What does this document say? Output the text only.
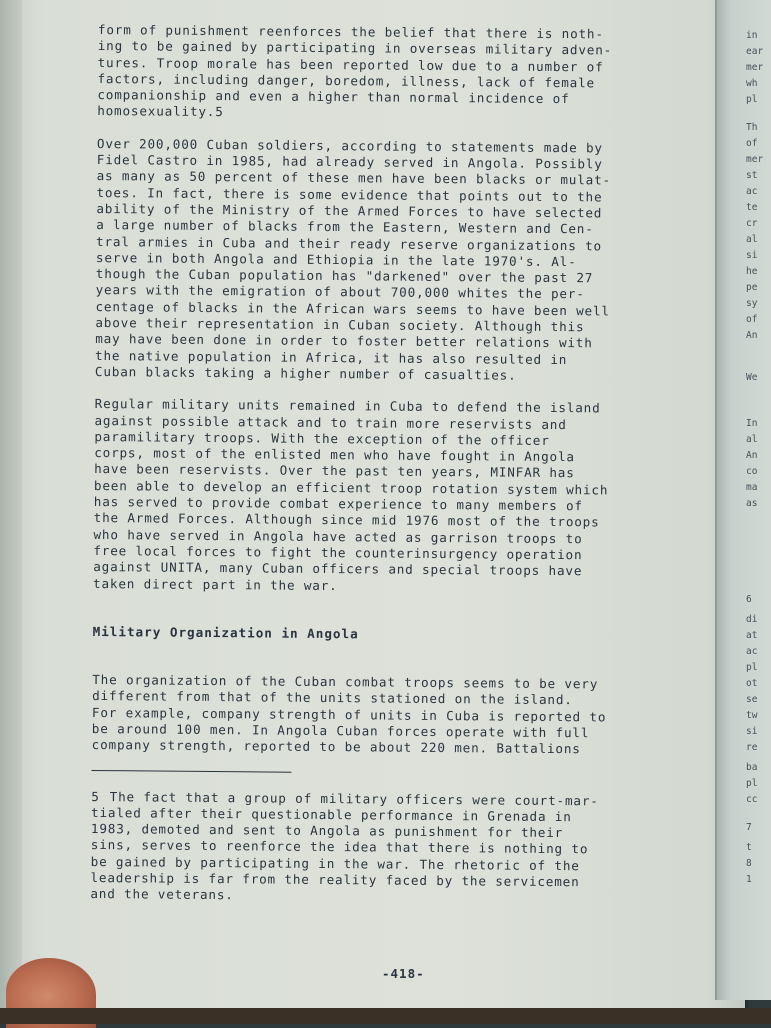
form of punishment reenforces the belief that there is noth-
ing to be gained by participating in overseas military adven-
tures. Troop morale has been reported low due to a number of
factors, including danger, boredom, illness, lack of female
companionship and even a higher than normal incidence of
homosexuality.5
Over 200,000 Cuban soldiers, according to statements made by
Fidel Castro in 1985, had already served in Angola. Possibly
as many as 50 percent of these men have been blacks or mulat-
toes. In fact, there is some evidence that points out to the
ability of the Ministry of the Armed Forces to have selected
a large number of blacks from the Eastern, Western and Cen-
tral armies in Cuba and their ready reserve organizations to
serve in both Angola and Ethiopia in the late 1970's. Al-
though the Cuban population has "darkened" over the past 27
years with the emigration of about 700,000 whites the per-
centage of blacks in the African wars seems to have been well
above their representation in Cuban society. Although this
may have been done in order to foster better relations with
the native population in Africa, it has also resulted in
Cuban blacks taking a higher number of casualties.
Regular military units remained in Cuba to defend the island
against possible attack and to train more reservists and
paramilitary troops. With the exception of the officer
corps, most of the enlisted men who have fought in Angola
have been reservists. Over the past ten years, MINFAR has
been able to develop an efficient troop rotation system which
has served to provide combat experience to many members of
the Armed Forces. Although since mid 1976 most of the troops
who have served in Angola have acted as garrison troops to
free local forces to fight the counterinsurgency operation
against UNITA, many Cuban officers and special troops have
taken direct part in the war.
Military Organization in Angola
The organization of the Cuban combat troops seems to be very
different from that of the units stationed on the island.
For example, company strength of units in Cuba is reported to
be around 100 men. In Angola Cuban forces operate with full
company strength, reported to be about 220 men. Battalions
5 The fact that a group of military officers were court-mar-
tialed after their questionable performance in Grenada in
1983, demoted and sent to Angola as punishment for their
sins, serves to reenforce the idea that there is nothing to
be gained by participating in the war. The rhetoric of the
leadership is far from the reality faced by the servicemen
and the veterans.
-418-
in
ear
mer
wh
pl
Th
of
mer
st
ac
te
cr
al
si
he
pe
sy
of
An
We
In
al
An
co
ma
as
6
di
at
ac
pl
ot
se
tw
si
re
ba
pl
cc
7
t
8
1
